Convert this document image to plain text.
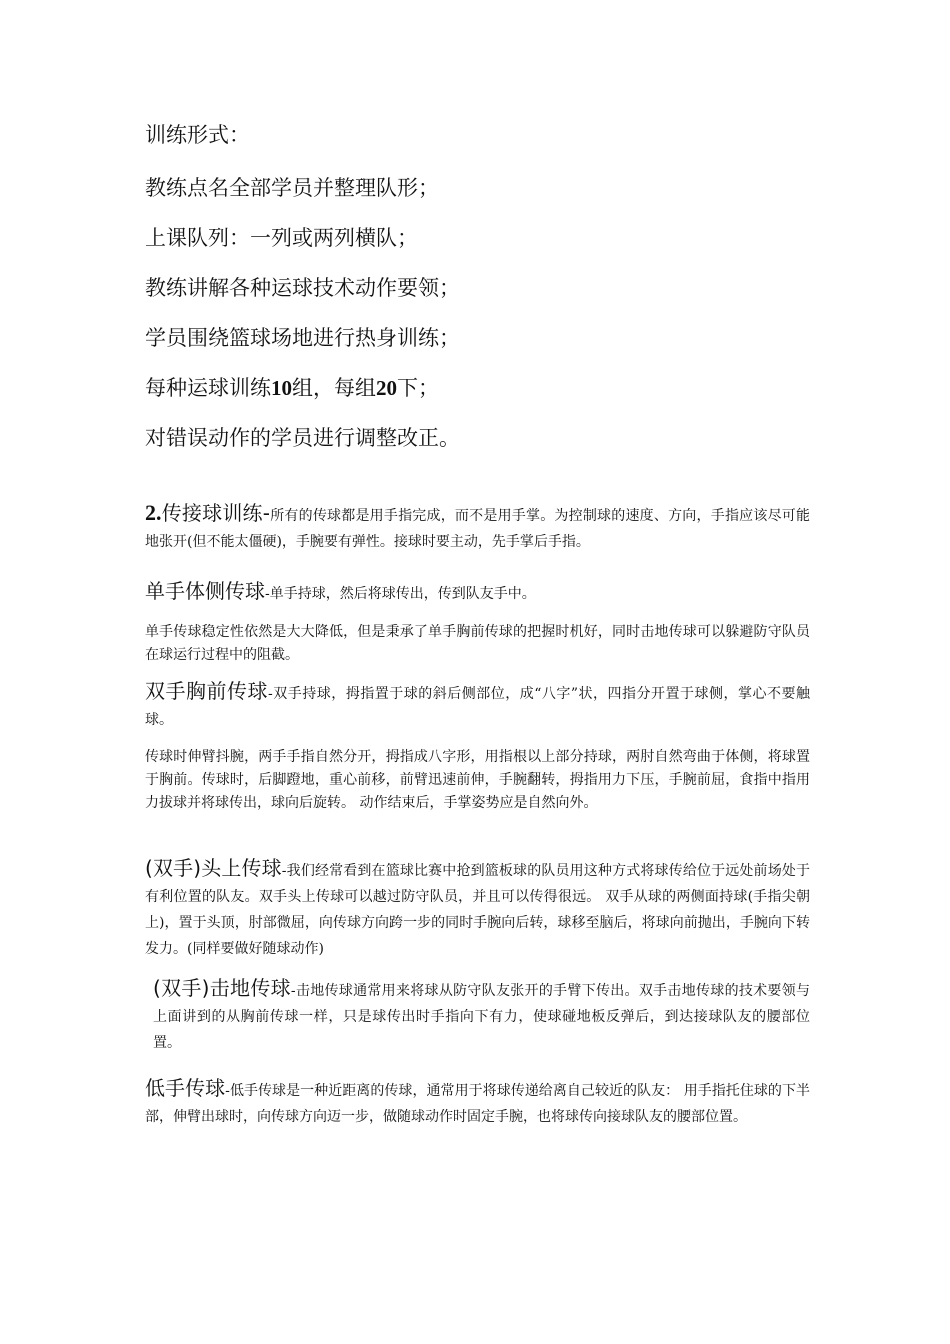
训练形式：
教练点名全部学员并整理队形；
上课队列：一列或两列横队；
教练讲解各种运球技术动作要领；
学员围绕篮球场地进行热身训练；
每种运球训练10组，每组20下；
对错误动作的学员进行调整改正。
2.传接球训练-所有的传球都是用手指完成，而不是用手掌。为控制球的速度、方向，手指应该尽可能地张开(但不能太僵硬)，手腕要有弹性。接球时要主动，先手掌后手指。
单手体侧传球-单手持球，然后将球传出，传到队友手中。
单手传球稳定性依然是大大降低，但是秉承了单手胸前传球的把握时机好，同时击地传球可以躲避防守队员在球运行过程中的阻截。
双手胸前传球-双手持球，拇指置于球的斜后侧部位，成“八字”状，四指分开置于球侧，掌心不要触球。
传球时伸臂抖腕，两手手指自然分开，拇指成八字形，用指根以上部分持球，两肘自然弯曲于体侧，将球置于胸前。传球时，后脚蹬地，重心前移，前臂迅速前伸，手腕翻转，拇指用力下压，手腕前屈，食指中指用力拔球并将球传出，球向后旋转。 动作结束后，手掌姿势应是自然向外。
(双手)头上传球-我们经常看到在篮球比赛中抢到篮板球的队员用这种方式将球传给位于远处前场处于有利位置的队友。双手头上传球可以越过防守队员，并且可以传得很远。 双手从球的两侧面持球(手指尖朝上)，置于头顶，肘部微屈，向传球方向跨一步的同时手腕向后转，球移至脑后，将球向前抛出，手腕向下转发力。(同样要做好随球动作)
(双手)击地传球-击地传球通常用来将球从防守队友张开的手臂下传出。双手击地传球的技术要领与上面讲到的从胸前传球一样，只是球传出时手指向下有力，使球碰地板反弹后，到达接球队友的腰部位置。
低手传球-低手传球是一种近距离的传球，通常用于将球传递给离自己较近的队友： 用手指托住球的下半部，伸臂出球时，向传球方向迈一步，做随球动作时固定手腕，也将球传向接球队友的腰部位置。
